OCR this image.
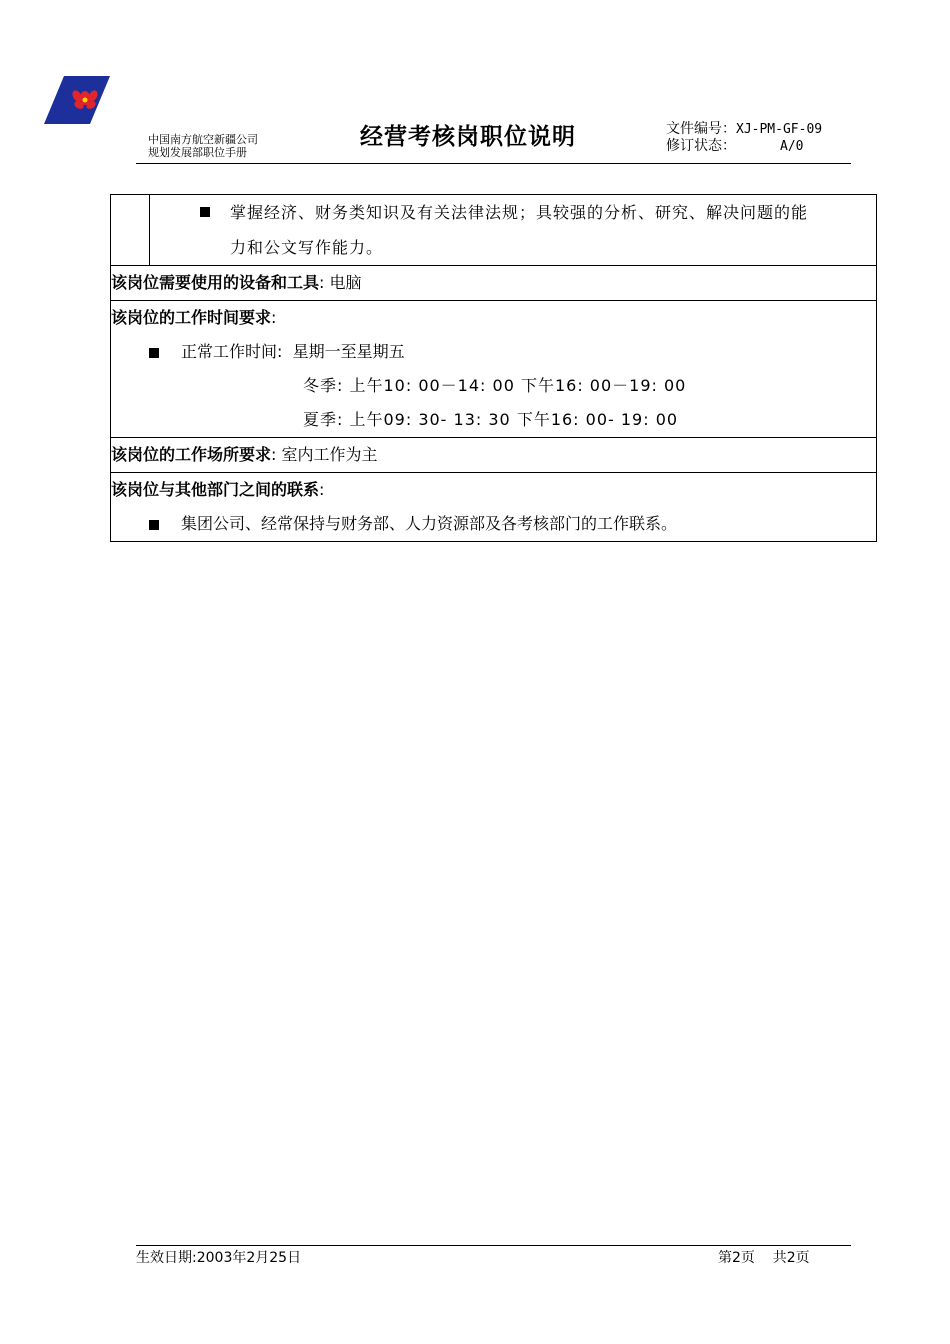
中国南方航空新疆公司
规划发展部职位手册
经营考核岗职位说明	文件编号：XJ-PM-GF-09
修订状态：	A/0

掌握经济、财务类知识及有关法律法规；具较强的分析、研究、解决问题的能
力和公文写作能力。

该岗位需要使用的设备和工具: 电脑

该岗位的工作时间要求:
正常工作时间:  星期一至星期五
冬季: 上午10: 00－14: 00 下午16: 00－19: 00
夏季: 上午09: 30- 13: 30 下午16: 00- 19: 00

该岗位的工作场所要求: 室内工作为主

该岗位与其他部门之间的联系:
集团公司、经常保持与财务部、人力资源部及各考核部门的工作联系。
生效日期:2003年2月25日	第2页    共2页
